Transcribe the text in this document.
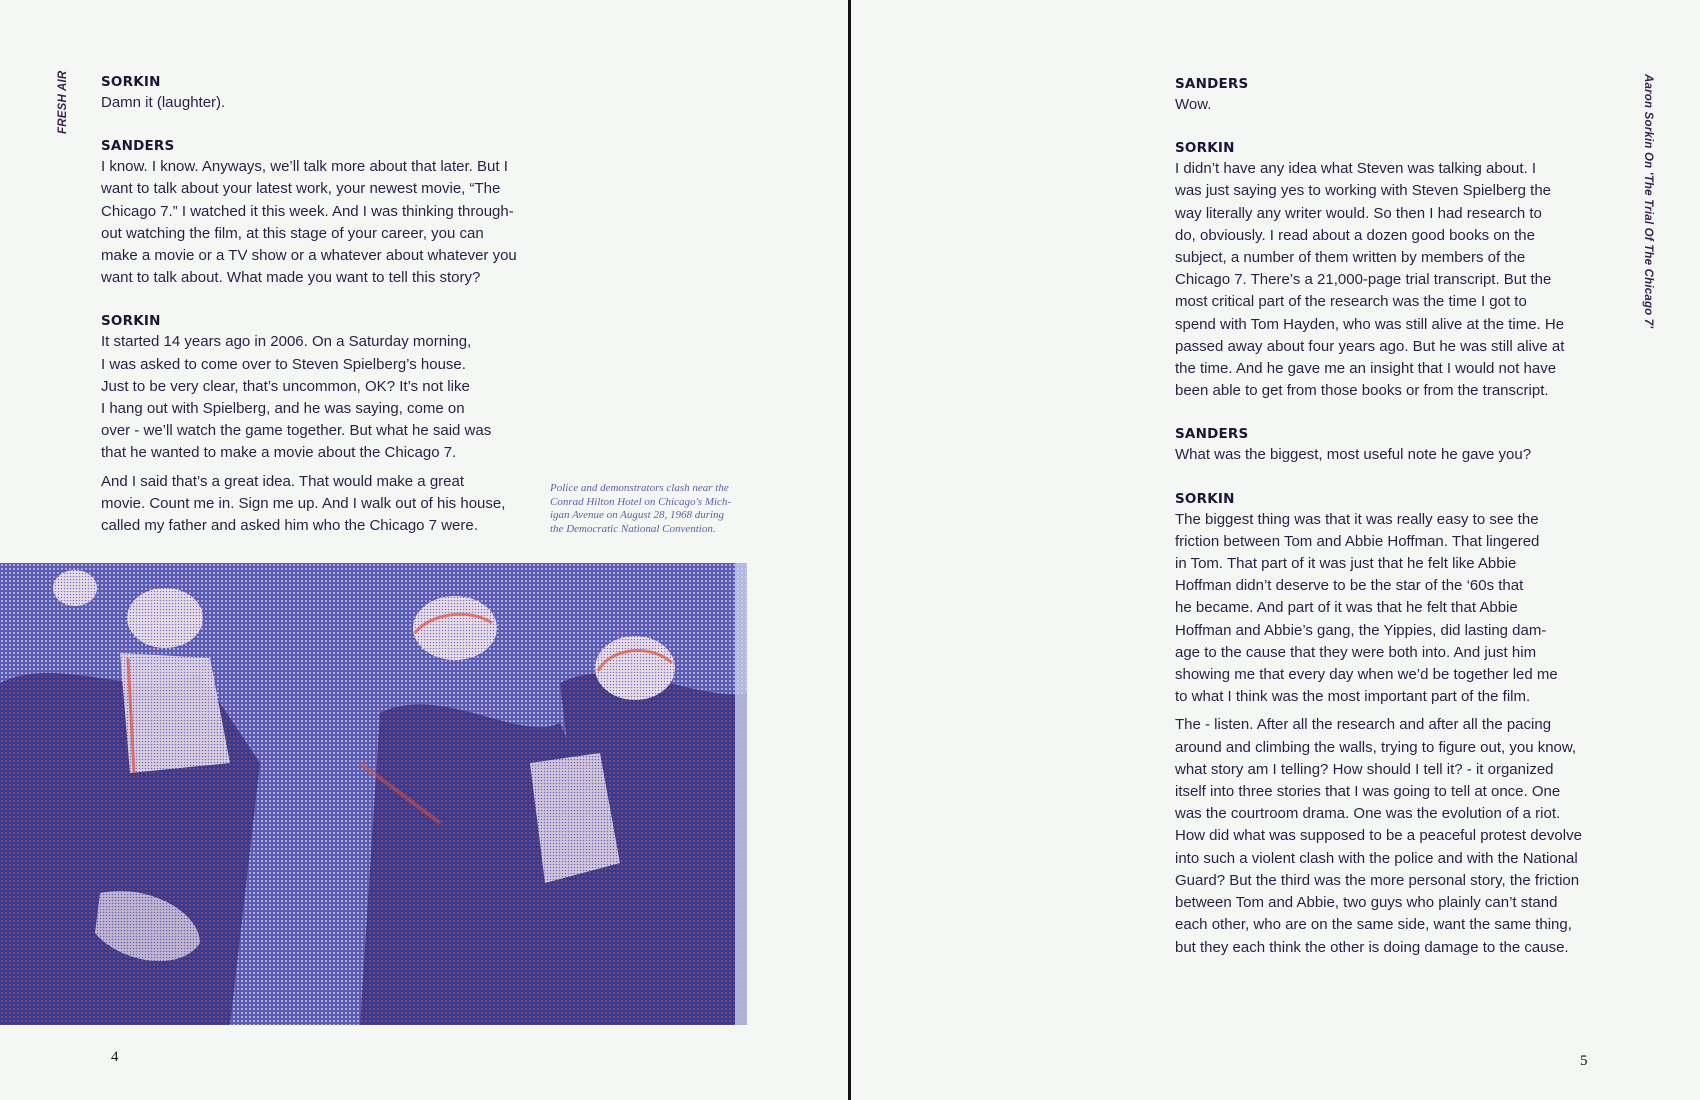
FRESH AIR	Aaron Sorkin On 'The Trial Of The Chicago 7'

SORKIN

Damn it (laughter).

SANDERS

I know. I know. Anyways, we’ll talk more about that later. But I
want to talk about your latest work, your newest movie, “The
Chicago 7.” I watched it this week. And I was thinking through-
out watching the film, at this stage of your career, you can
make a movie or a TV show or a whatever about whatever you
want to talk about. What made you want to tell this story?

SORKIN

It started 14 years ago in 2006. On a Saturday morning,
I was asked to come over to Steven Spielberg’s house.
Just to be very clear, that’s uncommon, OK? It’s not like
I hang out with Spielberg, and he was saying, come on
over - we’ll watch the game together. But what he said was
that he wanted to make a movie about the Chicago 7.

And I said that’s a great idea. That would make a great
movie. Count me in. Sign me up. And I walk out of his house,
called my father and asked him who the Chicago 7 were.

Police and demonstrators clash near the
Conrad Hilton Hotel on Chicago's Mich-
igan Avenue on August 28, 1968 during
the Democratic National Convention.

SANDERS

Wow.

SORKIN

I didn’t have any idea what Steven was talking about. I
was just saying yes to working with Steven Spielberg the
way literally any writer would. So then I had research to
do, obviously. I read about a dozen good books on the
subject, a number of them written by members of the
Chicago 7. There’s a 21,000-page trial transcript. But the
most critical part of the research was the time I got to
spend with Tom Hayden, who was still alive at the time. He
passed away about four years ago. But he was still alive at
the time. And he gave me an insight that I would not have
been able to get from those books or from the transcript.

SANDERS

What was the biggest, most useful note he gave you?

SORKIN

The biggest thing was that it was really easy to see the
friction between Tom and Abbie Hoffman. That lingered
in Tom. That part of it was just that he felt like Abbie
Hoffman didn’t deserve to be the star of the ‘60s that
he became. And part of it was that he felt that Abbie
Hoffman and Abbie’s gang, the Yippies, did lasting dam-
age to the cause that they were both into. And just him
showing me that every day when we’d be together led me
to what I think was the most important part of the film.

The - listen. After all the research and after all the pacing
around and climbing the walls, trying to figure out, you know,
what story am I telling? How should I tell it? - it organized
itself into three stories that I was going to tell at once. One
was the courtroom drama. One was the evolution of a riot.
How did what was supposed to be a peaceful protest devolve
into such a violent clash with the police and with the National
Guard? But the third was the more personal story, the friction
between Tom and Abbie, two guys who plainly can’t stand
each other, who are on the same side, want the same thing,
but they each think the other is doing damage to the cause.

4	5
